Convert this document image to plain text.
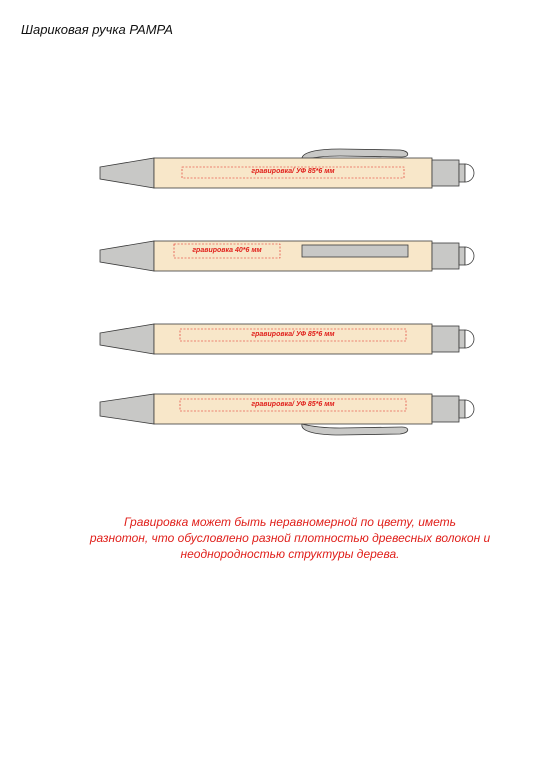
Шариковая ручка PAMPA
гравировка/ УФ 85*6 мм
гравировка 40*6 мм
гравировка/ УФ 85*6 мм
гравировка/ УФ 85*6 мм
Гравировка может быть неравномерной по цвету, иметь
разнотон, что обусловлено разной плотностью древесных волокон и
неоднородностью структуры дерева.
